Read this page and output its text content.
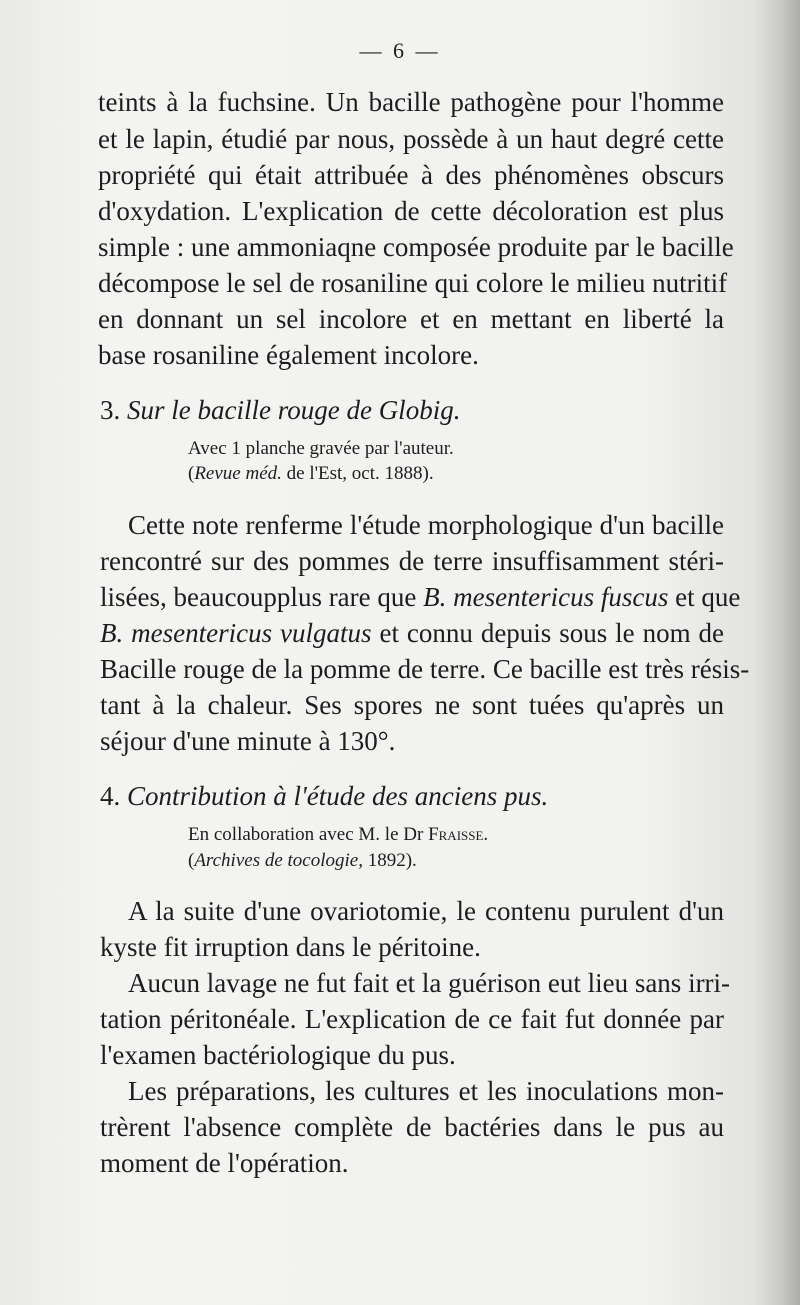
— 6 —
teints à la fuchsine. Un bacille pathogène pour l'homme
et le lapin, étudié par nous, possède à un haut degré cette
propriété qui était attribuée à des phénomènes obscurs
d'oxydation. L'explication de cette décoloration est plus
simple : une ammoniaqne composée produite par le bacille
décompose le sel de rosaniline qui colore le milieu nutritif
en donnant un sel incolore et en mettant en liberté la
base rosaniline également incolore.
3. Sur le bacille rouge de Globig.
Avec 1 planche gravée par l'auteur.
(Revue méd. de l'Est, oct. 1888).
Cette note renferme l'étude morphologique d'un bacille
rencontré sur des pommes de terre insuffisamment stéri-
lisées, beaucoupplus rare que B. mesentericus fuscus et que
B. mesentericus vulgatus et connu depuis sous le nom de
Bacille rouge de la pomme de terre. Ce bacille est très résis-
tant à la chaleur. Ses spores ne sont tuées qu'après un
séjour d'une minute à 130°.
4. Contribution à l'étude des anciens pus.
En collaboration avec M. le Dr Fraisse.
(Archives de tocologie, 1892).
A la suite d'une ovariotomie, le contenu purulent d'un
kyste fit irruption dans le péritoine.
Aucun lavage ne fut fait et la guérison eut lieu sans irri-
tation péritonéale. L'explication de ce fait fut donnée par
l'examen bactériologique du pus.
Les préparations, les cultures et les inoculations mon-
trèrent l'absence complète de bactéries dans le pus au
moment de l'opération.
